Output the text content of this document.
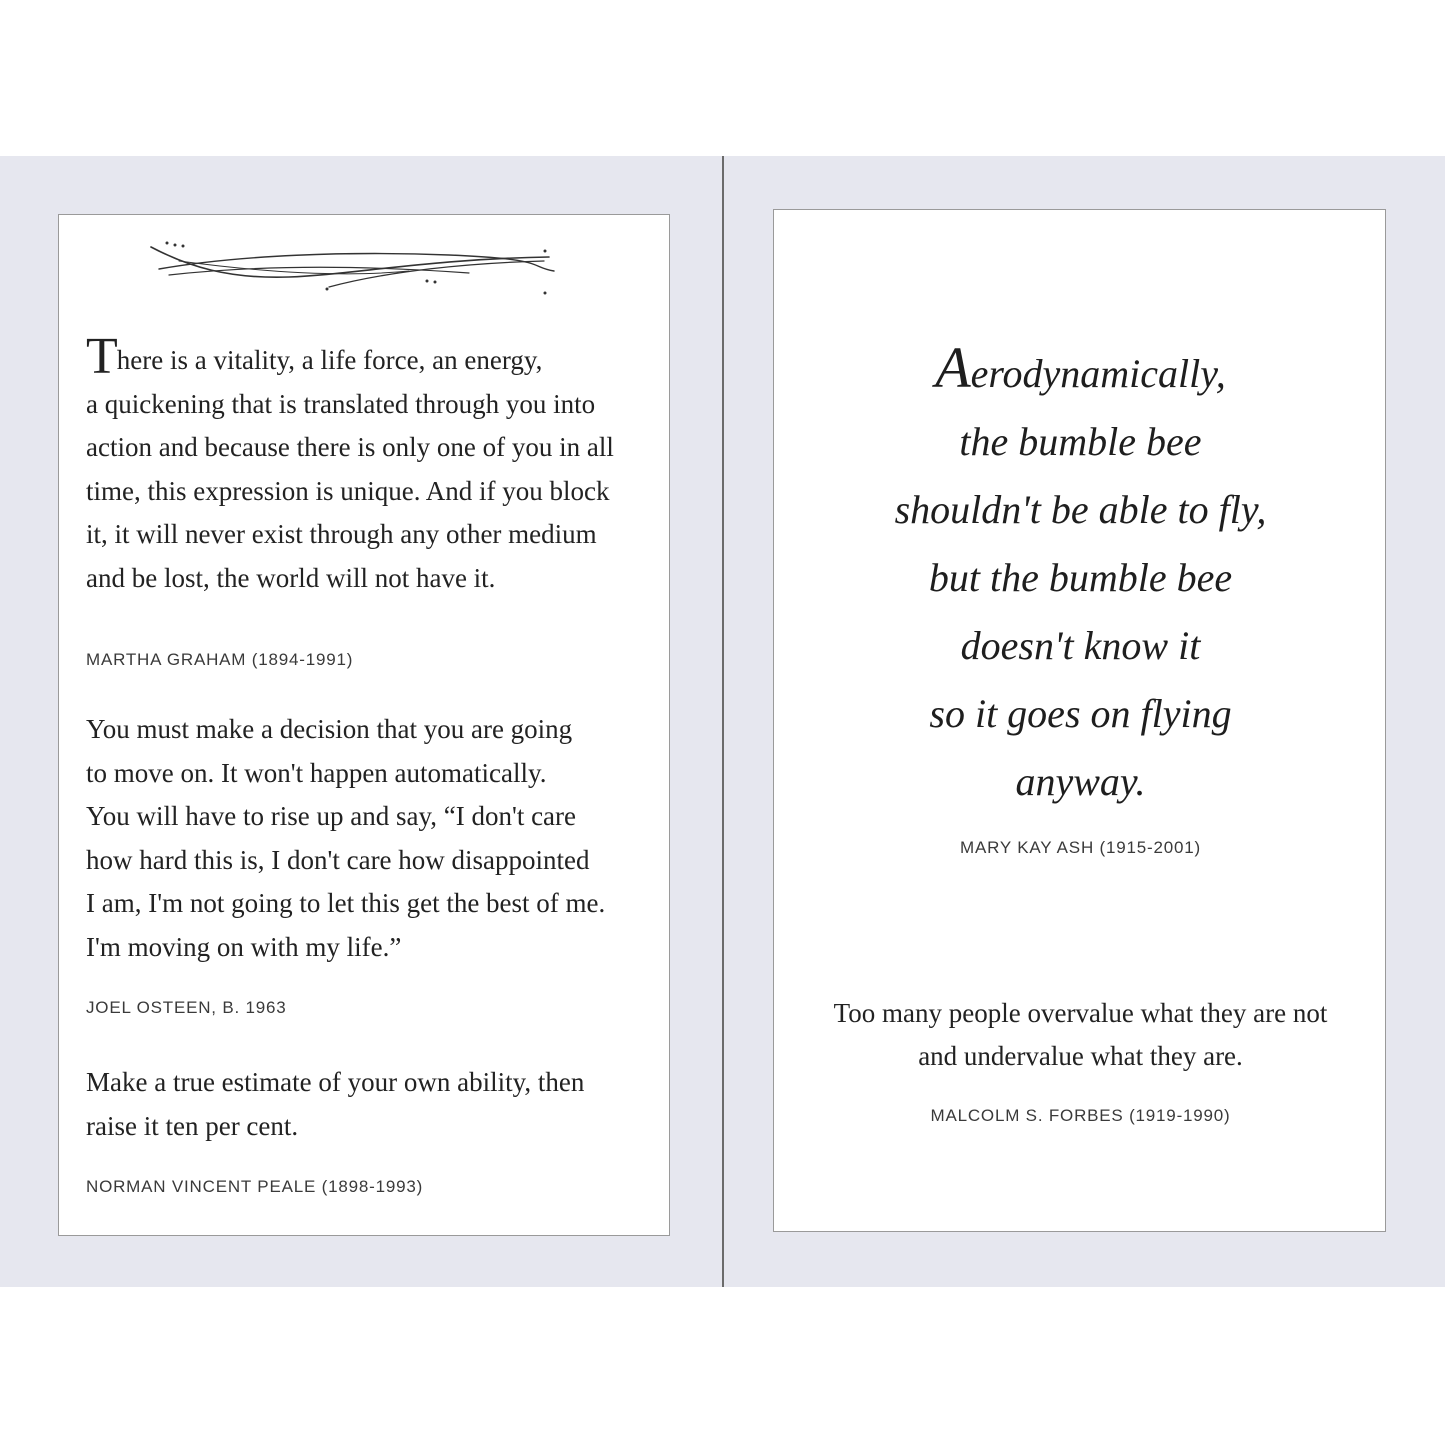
There is a vitality, a life force, an energy,
a quickening that is translated through you into
action and because there is only one of you in all
time, this expression is unique. And if you block
it, it will never exist through any other medium
and be lost, the world will not have it.

MARTHA GRAHAM (1894-1991)

You must make a decision that you are going
to move on. It won't happen automatically.
You will have to rise up and say, “I don't care
how hard this is, I don't care how disappointed
I am, I'm not going to let this get the best of me.
I'm moving on with my life.”

JOEL OSTEEN, B. 1963

Make a true estimate of your own ability, then
raise it ten per cent.

NORMAN VINCENT PEALE (1898-1993)

Aerodynamically,
the bumble bee
shouldn't be able to fly,
but the bumble bee
doesn't know it
so it goes on flying
anyway.

MARY KAY ASH (1915-2001)

Too many people overvalue what they are not
and undervalue what they are.

MALCOLM S. FORBES (1919-1990)
